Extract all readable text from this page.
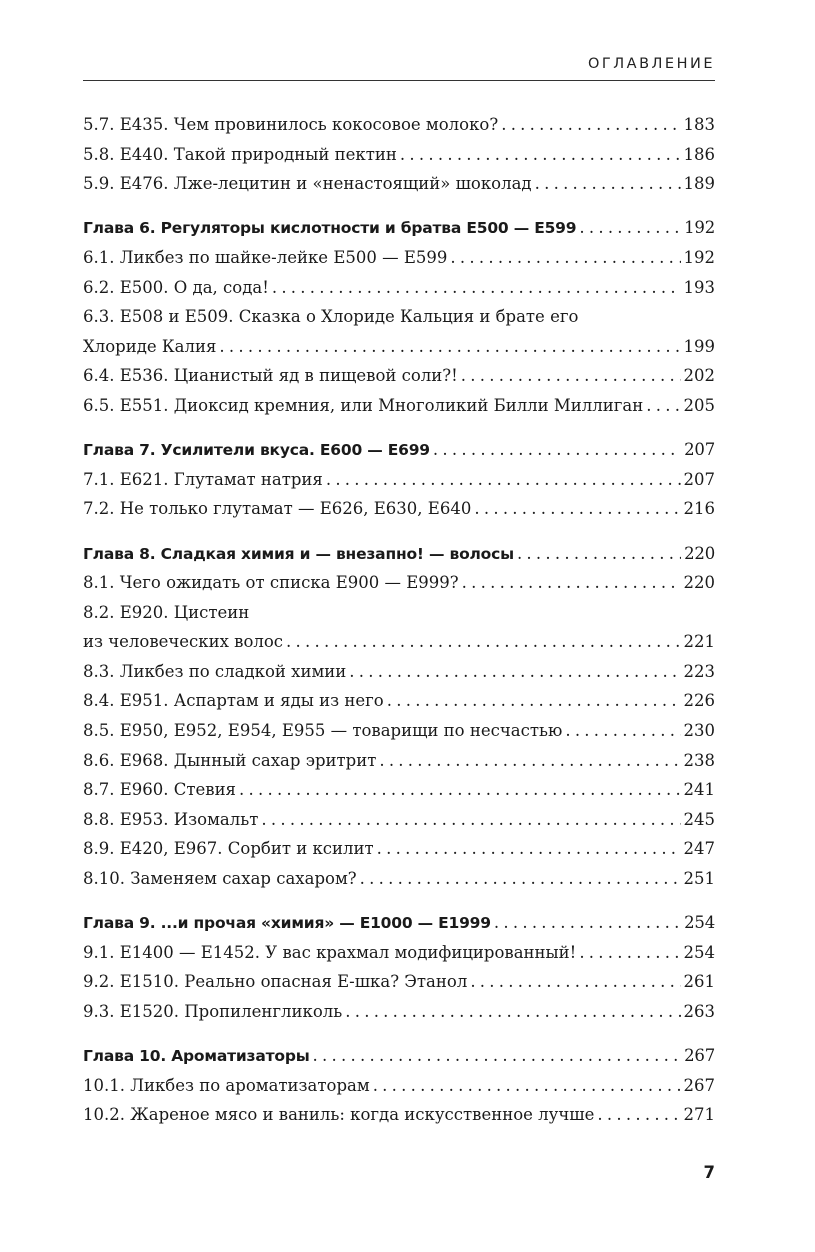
ОГЛАВЛЕНИЕ
5.7. Е435. Чем провинилось кокосовое молоко? . . .	183
5.8. Е440. Такой природный пектин . . .	186
5.9. Е476. Лже-лецитин и «ненастоящий» шоколад . . .	189
Глава 6. Регуляторы кислотности и братва Е500 — Е599 . . .	192
6.1. Ликбез по шайке-лейке Е500 — Е599 . . .	192
6.2. Е500. О да, сода! . . .	193
6.3. Е508 и Е509. Сказка о Хлориде Кальция и брате его
Хлориде Калия . . .	199
6.4. Е536. Цианистый яд в пищевой соли?! . . .	202
6.5. Е551. Диоксид кремния, или Многоликий Билли Миллиган . . . 205
Глава 7. Усилители вкуса. Е600 — Е699 . . .	207
7.1. Е621. Глутамат натрия . . .	207
7.2. Не только глутамат — Е626, Е630, Е640 . . .	216
Глава 8. Сладкая химия и — внезапно! — волосы . . .	220
8.1. Чего ожидать от списка Е900 — Е999? . . .	220
8.2. Е920. Цистеин
из человеческих волос . . .	221
8.3. Ликбез по сладкой химии . . .	223
8.4. Е951. Аспартам и яды из него . . .	226
8.5. Е950, Е952, Е954, Е955 — товарищи по несчастью . . .	230
8.6. Е968. Дынный сахар эритрит . . .	238
8.7. Е960. Стевия . . .	241
8.8. Е953. Изомальт . . .	245
8.9. Е420, Е967. Сорбит и ксилит . . .	247
8.10. Заменяем сахар сахаром? . . .	251
Глава 9. ...и прочая «химия» — Е1000 — Е1999 . . .	254
9.1. Е1400 — Е1452. У вас крахмал модифицированный! . . .	254
9.2. Е1510. Реально опасная Е-шка? Этанол . . .	261
9.3. Е1520. Пропиленгликоль . . .	263
Глава 10. Ароматизаторы . . .	267
10.1. Ликбез по ароматизаторам . . .	267
10.2. Жареное мясо и ваниль: когда искусственное лучше . . .	271
7
